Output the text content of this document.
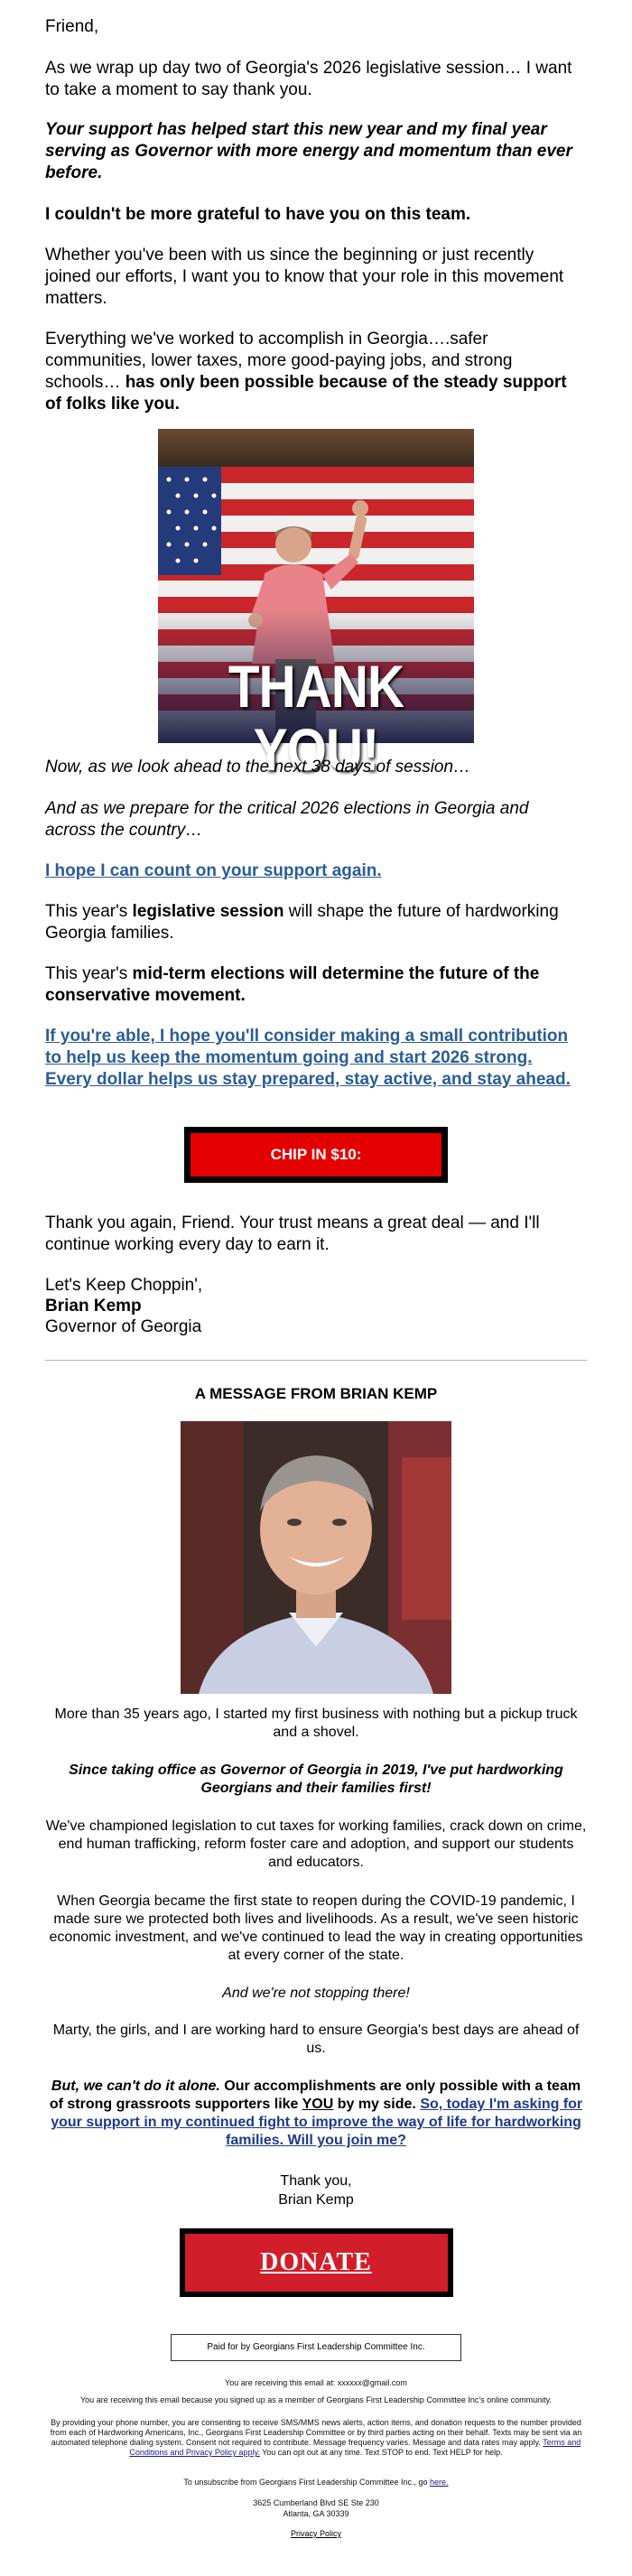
Friend,

As we wrap up day two of Georgia's 2026 legislative session… I want to take a moment to say thank you.

Your support has helped start this new year and my final year serving as Governor with more energy and momentum than ever before.

I couldn't be more grateful to have you on this team.

Whether you've been with us since the beginning or just recently joined our efforts, I want you to know that your role in this movement matters.

Everything we've worked to accomplish in Georgia….safer communities, lower taxes, more good-paying jobs, and strong schools… has only been possible because of the steady support of folks like you.

THANK YOU!

Now, as we look ahead to the next 38 days of session…

And as we prepare for the critical 2026 elections in Georgia and across the country…

I hope I can count on your support again.

This year's legislative session will shape the future of hardworking Georgia families.

This year's mid-term elections will determine the future of the conservative movement.

If you're able, I hope you'll consider making a small contribution to help us keep the momentum going and start 2026 strong. Every dollar helps us stay prepared, stay active, and stay ahead.

CHIP IN $10:

Thank you again, Friend. Your trust means a great deal — and I'll continue working every day to earn it.

Let's Keep Choppin',

Brian Kemp

Governor of Georgia

A MESSAGE FROM BRIAN KEMP

More than 35 years ago, I started my first business with nothing but a pickup truck and a shovel.

Since taking office as Governor of Georgia in 2019, I've put hardworking Georgians and their families first!

We've championed legislation to cut taxes for working families, crack down on crime, end human trafficking, reform foster care and adoption, and support our students and educators.

When Georgia became the first state to reopen during the COVID-19 pandemic, I made sure we protected both lives and livelihoods. As a result, we've seen historic economic investment, and we've continued to lead the way in creating opportunities at every corner of the state.

And we're not stopping there!

Marty, the girls, and I are working hard to ensure Georgia's best days are ahead of us.

But, we can't do it alone. Our accomplishments are only possible with a team of strong grassroots supporters like YOU by my side. So, today I'm asking for your support in my continued fight to improve the way of life for hardworking families. Will you join me?

Thank you,

Brian Kemp

DONATE
Paid for by Georgians First Leadership Committee Inc.

You are receiving this email at: xxxxxx@gmail.com

You are receiving this email because you signed up as a member of Georgians First Leadership Committee Inc's online community.

By providing your phone number, you are consenting to receive SMS/MMS news alerts, action items, and donation requests to the number provided from each of Hardworking Americans, Inc., Georgians First Leadership Committee or by third parties acting on their behalf. Texts may be sent via an automated telephone dialing system. Consent not required to contribute. Message frequency varies. Message and data rates may apply. Terms and Conditions and Privacy Policy apply. You can opt out at any time. Text STOP to end. Text HELP for help.

To unsubscribe from Georgians First Leadership Committee Inc., go here.

3625 Cumberland Blvd SE Ste 230

Atlanta, GA 30339

Privacy Policy
